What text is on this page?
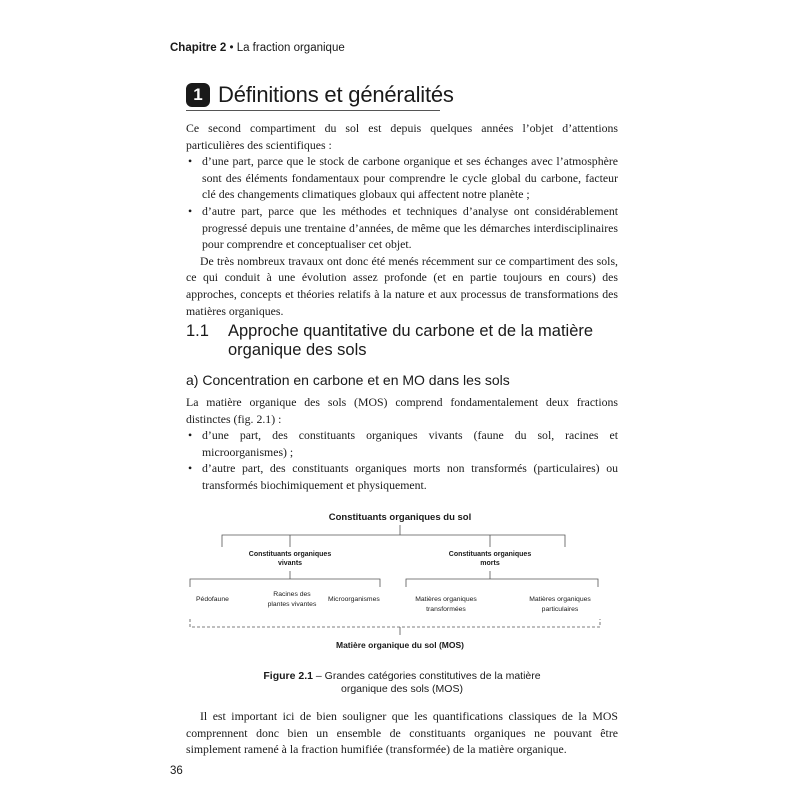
Chapitre 2 • La fraction organique
1 Définitions et généralités

Ce second compartiment du sol est depuis quelques années l’objet d’attentions particulières des scientifiques :

• d’une part, parce que le stock de carbone organique et ses échanges avec l’atmosphère sont des éléments fondamentaux pour comprendre le cycle global du carbone, facteur clé des changements climatiques globaux qui affectent notre planète ;
• d’autre part, parce que les méthodes et techniques d’analyse ont considérablement progressé depuis une trentaine d’années, de même que les démarches interdisciplinaires pour comprendre et conceptualiser cet objet.

De très nombreux travaux ont donc été menés récemment sur ce compartiment des sols, ce qui conduit à une évolution assez profonde (et en partie toujours en cours) des approches, concepts et théories relatifs à la nature et aux processus de transformations des matières organiques.

1.1 Approche quantitative du carbone et de la matière
organique des sols
a) Concentration en carbone et en MO dans les sols

La matière organique des sols (MOS) comprend fondamentalement deux fractions distinctes (fig. 2.1) :

• d’une part, des constituants organiques vivants (faune du sol, racines et microorganismes) ;
• d’autre part, des constituants organiques morts non transformés (particulaires) ou transformés biochimiquement et physiquement.
Constituants organiques du sol
Constituants organiques
vivants
Constituants organiques
morts
Pédofaune
Racines des
plantes vivantes
Microorganismes	Matières organiques
transformées
Matières organiques
particulaires
Matière organique du sol (MOS)
Figure 2.1 – Grandes catégories constitutives de la matière
organique des sols (MOS)

Il est important ici de bien souligner que les quantifications classiques de la MOS comprennent donc bien un ensemble de constituants organiques ne pouvant être simplement ramené à la fraction humifiée (transformée) de la matière organique.

36
